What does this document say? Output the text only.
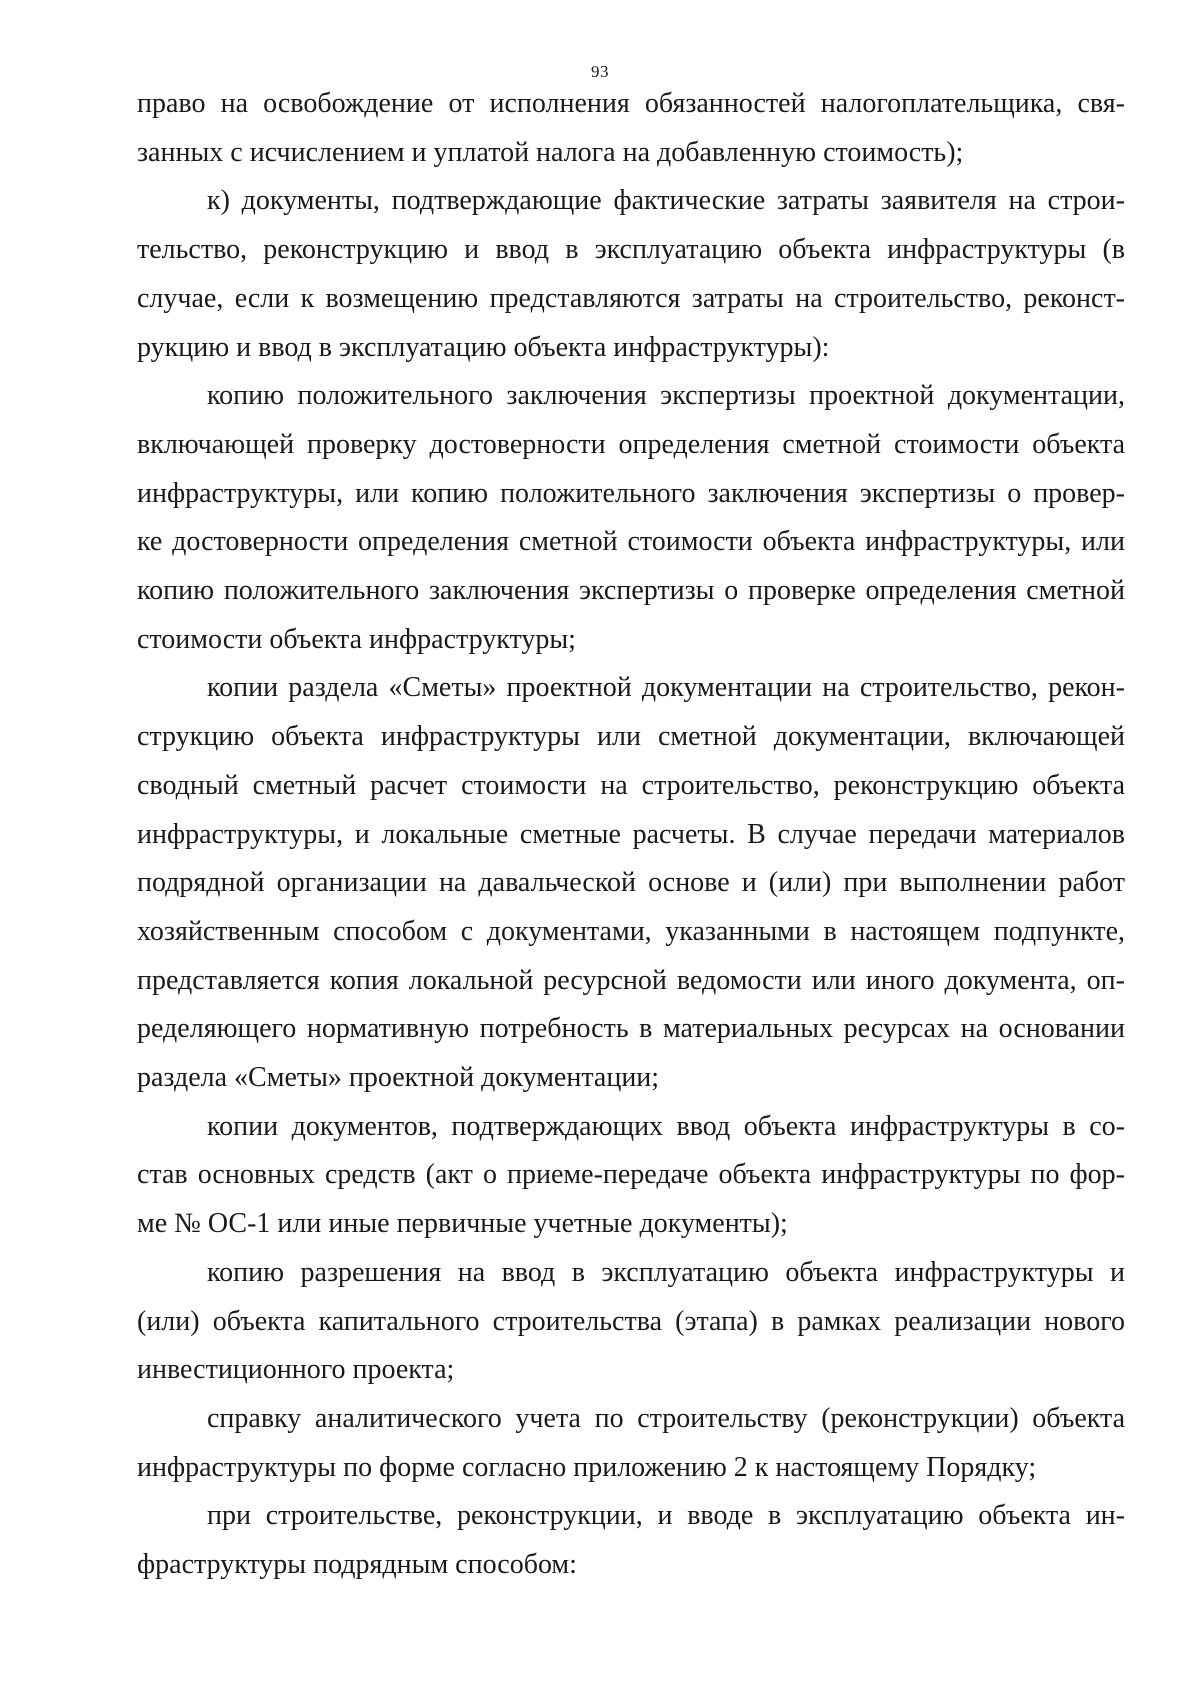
93

право на освобождение от исполнения обязанностей налогоплательщика, свя-

занных с исчислением и уплатой налога на добавленную стоимость);

к) документы, подтверждающие фактические затраты заявителя на строи-

тельство, реконструкцию и ввод в эксплуатацию объекта инфраструктуры (в

случае, если к возмещению представляются затраты на строительство, реконст-

рукцию и ввод в эксплуатацию объекта инфраструктуры):

копию положительного заключения экспертизы проектной документации,

включающей проверку достоверности определения сметной стоимости объекта

инфраструктуры, или копию положительного заключения экспертизы о провер-

ке достоверности определения сметной стоимости объекта инфраструктуры, или

копию положительного заключения экспертизы о проверке определения сметной

стоимости объекта инфраструктуры;

копии раздела «Сметы» проектной документации на строительство, рекон-

струкцию объекта инфраструктуры или сметной документации, включающей

сводный сметный расчет стоимости на строительство, реконструкцию объекта

инфраструктуры, и локальные сметные расчеты. В случае передачи материалов

подрядной организации на давальческой основе и (или) при выполнении работ

хозяйственным способом с документами, указанными в настоящем подпункте,

представляется копия локальной ресурсной ведомости или иного документа, оп-

ределяющего нормативную потребность в материальных ресурсах на основании

раздела «Сметы» проектной документации;

копии документов, подтверждающих ввод объекта инфраструктуры в со-

став основных средств (акт о приеме-передаче объекта инфраструктуры по фор-

ме № ОС-1 или иные первичные учетные документы);

копию разрешения на ввод в эксплуатацию объекта инфраструктуры и

(или) объекта капитального строительства (этапа) в рамках реализации нового

инвестиционного проекта;

справку аналитического учета по строительству (реконструкции) объекта

инфраструктуры по форме согласно приложению 2 к настоящему Порядку;

при строительстве, реконструкции, и вводе в эксплуатацию объекта ин-

фраструктуры подрядным способом:
